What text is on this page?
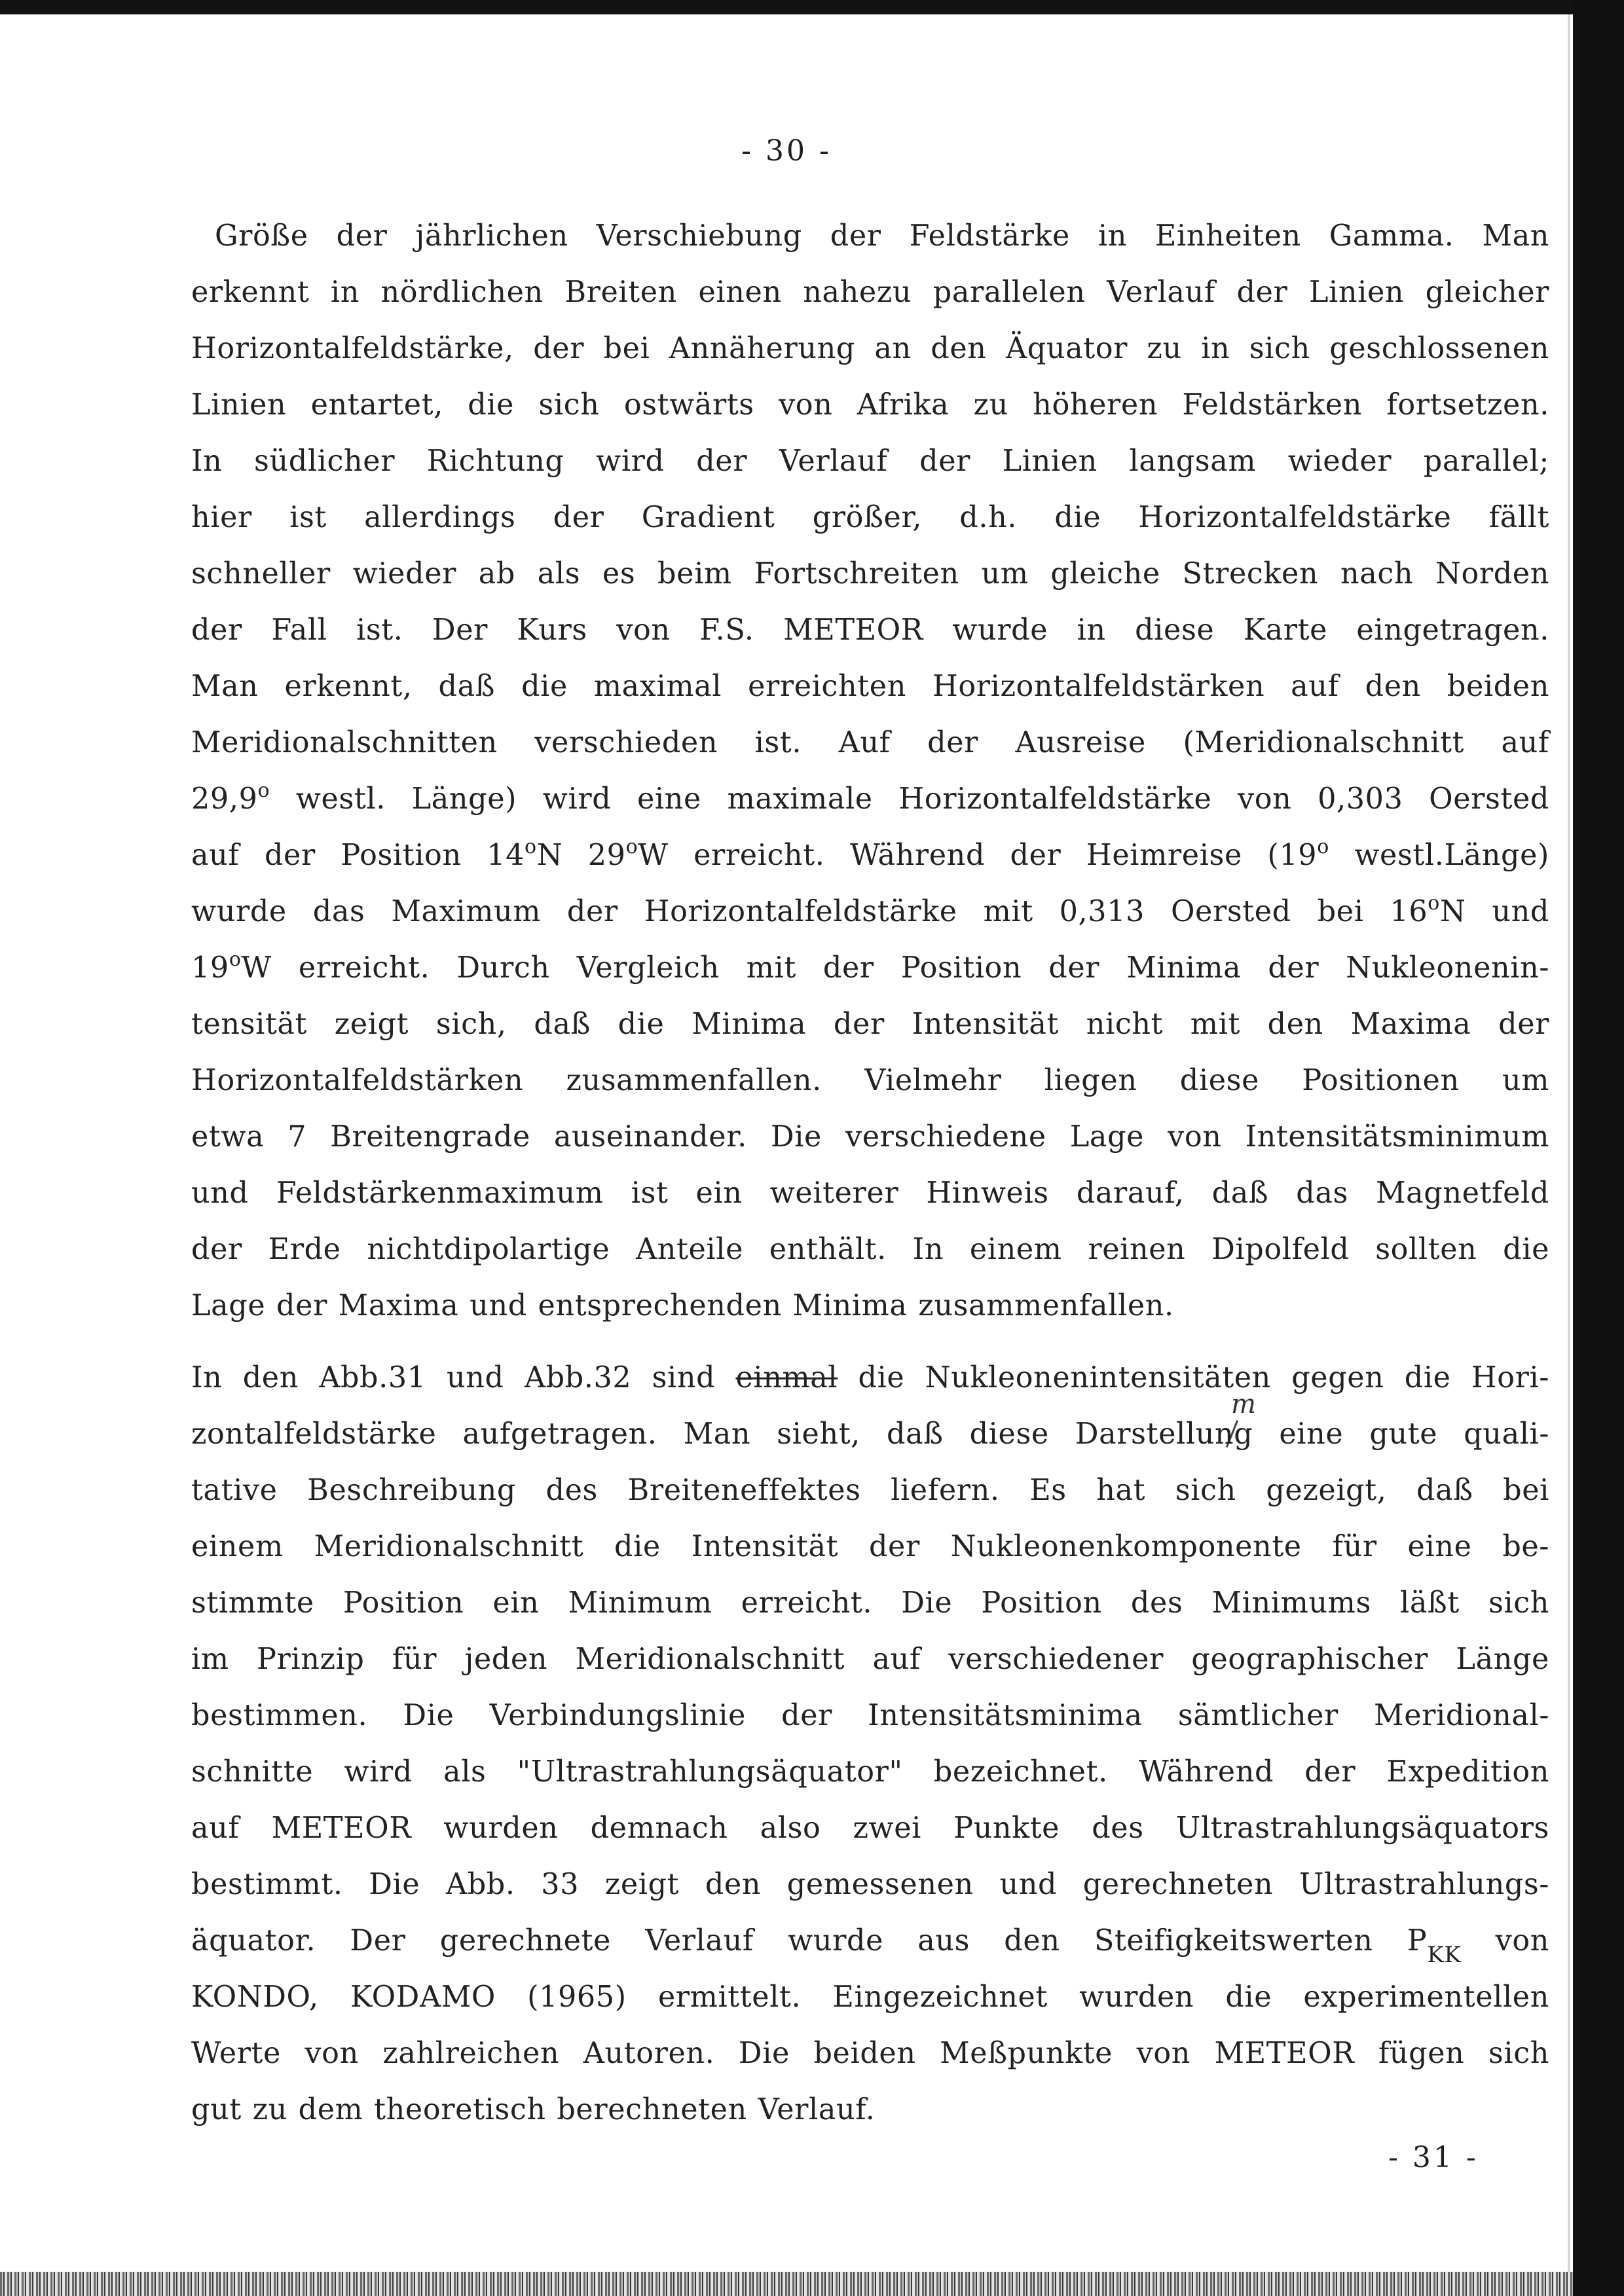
- 30 -
Größe der jährlichen Verschiebung der Feldstärke in Einheiten Gamma. Man
erkennt in nördlichen Breiten einen nahezu parallelen Verlauf der Linien gleicher
Horizontalfeldstärke, der bei Annäherung an den Äquator zu in sich geschlossenen
Linien entartet, die sich ostwärts von Afrika zu höheren Feldstärken fortsetzen.
In südlicher Richtung wird der Verlauf der Linien langsam wieder parallel;
hier ist allerdings der Gradient größer, d.h. die Horizontalfeldstärke fällt
schneller wieder ab als es beim Fortschreiten um gleiche Strecken nach Norden
der Fall ist. Der Kurs von F.S. METEOR wurde in diese Karte eingetragen.
Man erkennt, daß die maximal erreichten Horizontalfeldstärken auf den beiden
Meridionalschnitten verschieden ist. Auf der Ausreise (Meridionalschnitt auf
29,9$^o$ westl. Länge) wird eine maximale Horizontalfeldstärke von 0,303 Oersted
auf der Position 14$^o$N 29$^o$W erreicht. Während der Heimreise (19$^o$ westl.Länge)
wurde das Maximum der Horizontalfeldstärke mit 0,313 Oersted bei 16$^o$N und
19$^o$W erreicht. Durch Vergleich mit der Position der Minima der Nukleonenin-
tensität zeigt sich, daß die Minima der Intensität nicht mit den Maxima der
Horizontalfeldstärken zusammenfallen. Vielmehr liegen diese Positionen um
etwa 7 Breitengrade auseinander. Die verschiedene Lage von Intensitätsminimum
und Feldstärkenmaximum ist ein weiterer Hinweis darauf, daß das Magnetfeld
der Erde nichtdipolartige Anteile enthält. In einem reinen Dipolfeld sollten die
Lage der Maxima und entsprechenden Minima zusammenfallen.
m
In den Abb.31 und Abb.32 sind einmal die Nukleonenintensitäten gegen die Hori-
zontalfeldstärke aufgetragen. Man sieht, daß diese Darstellung eine gute quali-
tative Beschreibung des Breiteneffektes liefern. Es hat sich gezeigt, daß bei
einem Meridionalschnitt die Intensität der Nukleonenkomponente für eine be-
stimmte Position ein Minimum erreicht. Die Position des Minimums läßt sich
im Prinzip für jeden Meridionalschnitt auf verschiedener geographischer Länge
bestimmen. Die Verbindungslinie der Intensitätsminima sämtlicher Meridional-
schnitte wird als "Ultrastrahlungsäquator" bezeichnet. Während der Expedition
auf METEOR wurden demnach also zwei Punkte des Ultrastrahlungsäquators
bestimmt. Die Abb. 33 zeigt den gemessenen und gerechneten Ultrastrahlungs-
äquator. Der gerechnete Verlauf wurde aus den Steifigkeitswerten $P_{KK}$ von
KONDO, KODAMO (1965) ermittelt. Eingezeichnet wurden die experimentellen
Werte von zahlreichen Autoren. Die beiden Meßpunkte von METEOR fügen sich
gut zu dem theoretisch berechneten Verlauf.
- 31 -
